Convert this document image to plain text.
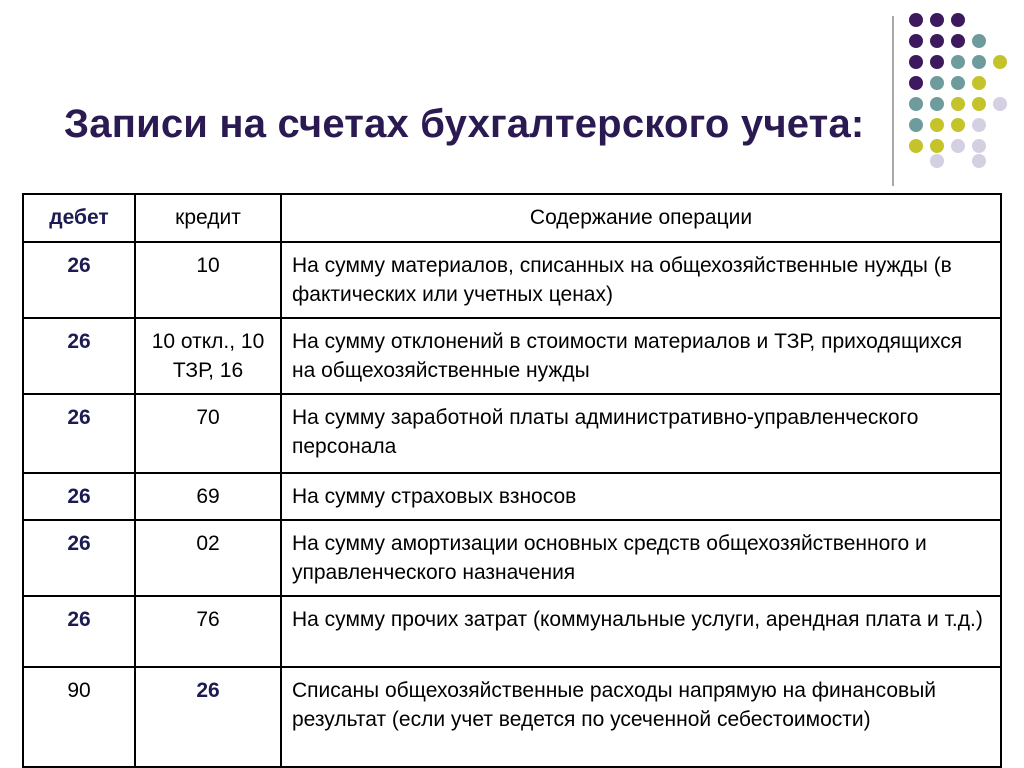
Записи на счетах бухгалтерского учета:
дебет	кредит	Содержание операции
26	10	На сумму материалов, списанных на общехозяйственные нужды (в фактических или учетных ценах)
26	10 откл., 10 ТЗР, 16	На сумму отклонений в стоимости материалов и ТЗР, приходящихся на общехозяйственные нужды
26	70	На сумму заработной платы административно-управленческого персонала
26	69	На сумму страховых взносов
26	02	На сумму амортизации основных средств общехозяйственного и управленческого назначения
26	76	На сумму прочих затрат (коммунальные услуги, арендная плата и т.д.)
90	26	Списаны общехозяйственные расходы напрямую на финансовый результат (если учет ведется по усеченной себестоимости)
